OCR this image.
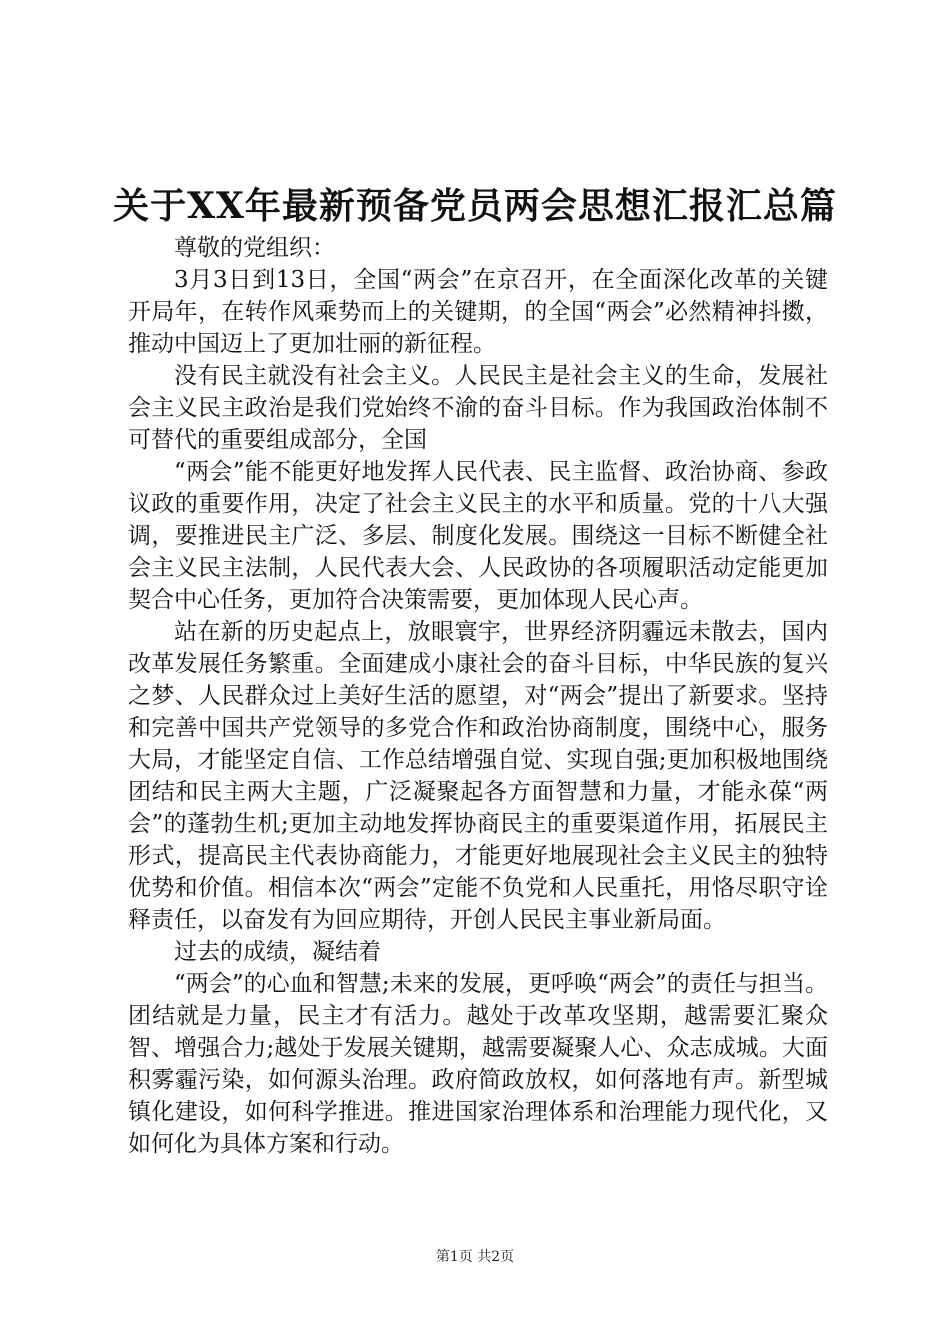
关于XX年最新预备党员两会思想汇报汇总篇

尊敬的党组织：

3月3日到13日，全国“两会”在京召开，在全面深化改革的关键开局年，在转作风乘势而上的关键期，的全国“两会”必然精神抖擞，推动中国迈上了更加壮丽的新征程。

没有民主就没有社会主义。人民民主是社会主义的生命，发展社会主义民主政治是我们党始终不渝的奋斗目标。作为我国政治体制不可替代的重要组成部分，全国

“两会”能不能更好地发挥人民代表、民主监督、政治协商、参政议政的重要作用，决定了社会主义民主的水平和质量。党的十八大强调，要推进民主广泛、多层、制度化发展。围绕这一目标不断健全社会主义民主法制，人民代表大会、人民政协的各项履职活动定能更加契合中心任务，更加符合决策需要，更加体现人民心声。

站在新的历史起点上，放眼寰宇，世界经济阴霾远未散去，国内改革发展任务繁重。全面建成小康社会的奋斗目标，中华民族的复兴之梦、人民群众过上美好生活的愿望，对“两会”提出了新要求。坚持和完善中国共产党领导的多党合作和政治协商制度，围绕中心，服务大局，才能坚定自信、工作总结增强自觉、实现自强;更加积极地围绕团结和民主两大主题，广泛凝聚起各方面智慧和力量，才能永葆“两会”的蓬勃生机;更加主动地发挥协商民主的重要渠道作用，拓展民主形式，提高民主代表协商能力，才能更好地展现社会主义民主的独特优势和价值。相信本次“两会”定能不负党和人民重托，用恪尽职守诠释责任，以奋发有为回应期待，开创人民民主事业新局面。

过去的成绩，凝结着

“两会”的心血和智慧;未来的发展，更呼唤“两会”的责任与担当。团结就是力量，民主才有活力。越处于改革攻坚期，越需要汇聚众智、增强合力;越处于发展关键期，越需要凝聚人心、众志成城。大面积雾霾污染，如何源头治理。政府简政放权，如何落地有声。新型城镇化建设，如何科学推进。推进国家治理体系和治理能力现代化，又如何化为具体方案和行动。

第1页 共2页
